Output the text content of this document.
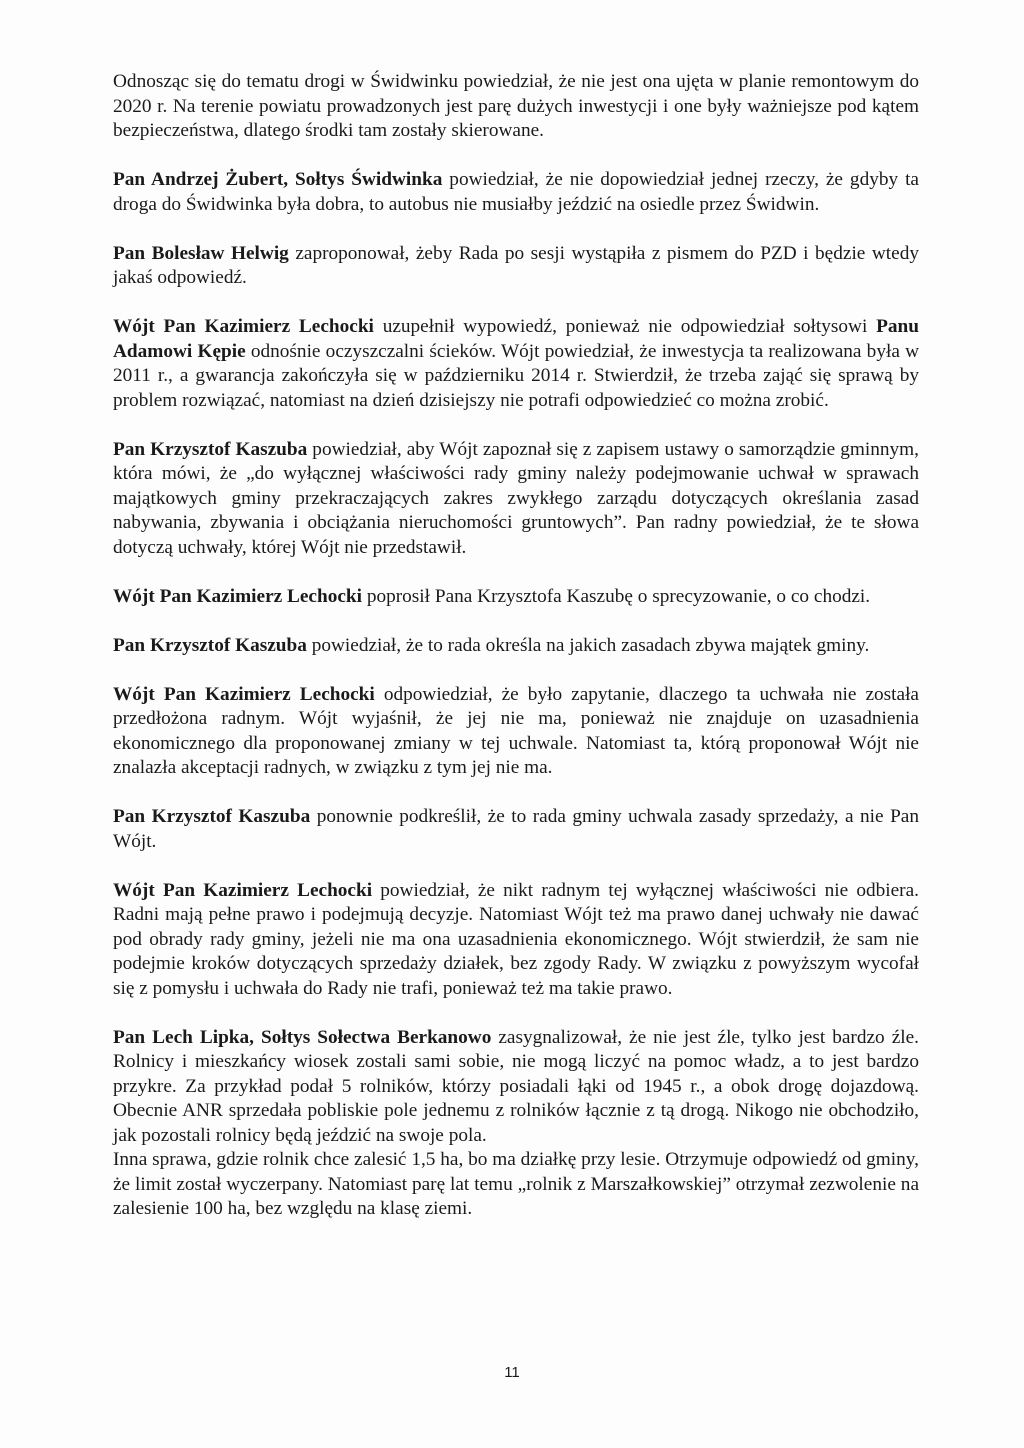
Odnosząc się do tematu drogi w Świdwinku powiedział, że nie jest ona ujęta w planie remontowym do 2020 r. Na terenie powiatu prowadzonych jest parę dużych inwestycji i one były ważniejsze pod kątem bezpieczeństwa, dlatego środki tam zostały skierowane.

Pan Andrzej Żubert, Sołtys Świdwinka powiedział, że nie dopowiedział jednej rzeczy, że gdyby ta droga do Świdwinka była dobra, to autobus nie musiałby jeździć na osiedle przez Świdwin.

Pan Bolesław Helwig zaproponował, żeby Rada po sesji wystąpiła z pismem do PZD i będzie wtedy jakaś odpowiedź.

Wójt Pan Kazimierz Lechocki uzupełnił wypowiedź, ponieważ nie odpowiedział sołtysowi Panu Adamowi Kępie odnośnie oczyszczalni ścieków. Wójt powiedział, że inwestycja ta realizowana była w 2011 r., a gwarancja zakończyła się w październiku 2014 r. Stwierdził, że trzeba zająć się sprawą by problem rozwiązać, natomiast na dzień dzisiejszy nie potrafi odpowiedzieć co można zrobić.

Pan Krzysztof Kaszuba powiedział, aby Wójt zapoznał się z zapisem ustawy o samorządzie gminnym, która mówi, że „do wyłącznej właściwości rady gminy należy podejmowanie uchwał w sprawach majątkowych gminy przekraczających zakres zwykłego zarządu dotyczących określania zasad nabywania, zbywania i obciążania nieruchomości gruntowych”. Pan radny powiedział, że te słowa dotyczą uchwały, której Wójt nie przedstawił.

Wójt Pan Kazimierz Lechocki poprosił Pana Krzysztofa Kaszubę o sprecyzowanie, o co chodzi.

Pan Krzysztof Kaszuba powiedział, że to rada określa na jakich zasadach zbywa majątek gminy.

Wójt Pan Kazimierz Lechocki odpowiedział, że było zapytanie, dlaczego ta uchwała nie została przedłożona radnym. Wójt wyjaśnił, że jej nie ma, ponieważ nie znajduje on uzasadnienia ekonomicznego dla proponowanej zmiany w tej uchwale. Natomiast ta, którą proponował Wójt nie znalazła akceptacji radnych, w związku z tym jej nie ma.

Pan Krzysztof Kaszuba ponownie podkreślił, że to rada gminy uchwala zasady sprzedaży, a nie Pan Wójt.

Wójt Pan Kazimierz Lechocki powiedział, że nikt radnym tej wyłącznej właściwości nie odbiera. Radni mają pełne prawo i podejmują decyzje. Natomiast Wójt też ma prawo danej uchwały nie dawać pod obrady rady gminy, jeżeli nie ma ona uzasadnienia ekonomicznego. Wójt stwierdził, że sam nie podejmie kroków dotyczących sprzedaży działek, bez zgody Rady. W związku z powyższym wycofał się z pomysłu i uchwała do Rady nie trafi, ponieważ też ma takie prawo.

Pan Lech Lipka, Sołtys Sołectwa Berkanowo zasygnalizował, że nie jest źle, tylko jest bardzo źle. Rolnicy i mieszkańcy wiosek zostali sami sobie, nie mogą liczyć na pomoc władz, a to jest bardzo przykre. Za przykład podał 5 rolników, którzy posiadali łąki od 1945 r., a obok drogę dojazdową. Obecnie ANR sprzedała pobliskie pole jednemu z rolników łącznie z tą drogą. Nikogo nie obchodziło, jak pozostali rolnicy będą jeździć na swoje pola.

Inna sprawa, gdzie rolnik chce zalesić 1,5 ha, bo ma działkę przy lesie. Otrzymuje odpowiedź od gminy, że limit został wyczerpany. Natomiast parę lat temu „rolnik z Marszałkowskiej” otrzymał zezwolenie na zalesienie 100 ha, bez względu na klasę ziemi.

11
